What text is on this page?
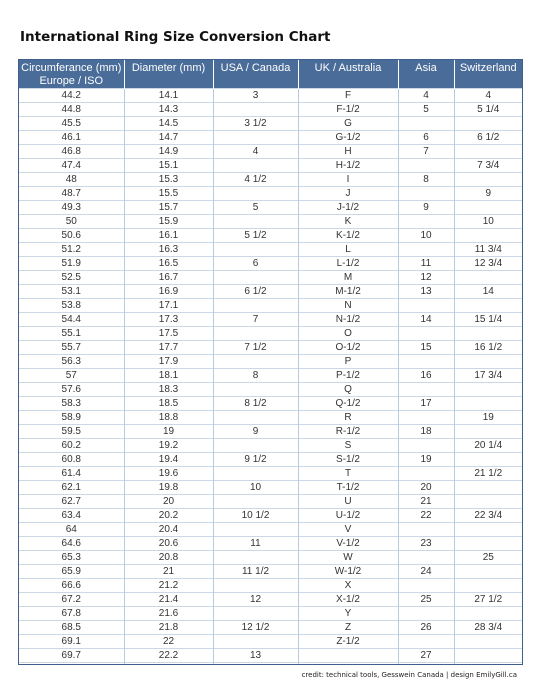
International Ring Size Conversion Chart
Circumferance (mm)
Europe / ISO	Diameter (mm)	USA / Canada	UK / Australia	Asia	Switzerland

44.2	14.1	3	F	4	4
44.8	14.3		F-1/2	5	5 1/4
45.5	14.5	3 1/2	G		
46.1	14.7		G-1/2	6	6 1/2
46.8	14.9	4	H	7	
47.4	15.1		H-1/2		7 3/4
48	15.3	4 1/2	I	8	
48.7	15.5		J		9
49.3	15.7	5	J-1/2	9	
50	15.9		K		10
50.6	16.1	5 1/2	K-1/2	10	
51.2	16.3		L		11 3/4
51.9	16.5	6	L-1/2	11	12 3/4
52.5	16.7		M	12	
53.1	16.9	6 1/2	M-1/2	13	14
53.8	17.1		N		
54.4	17.3	7	N-1/2	14	15 1/4
55.1	17.5		O		
55.7	17.7	7 1/2	O-1/2	15	16 1/2
56.3	17.9		P		
57	18.1	8	P-1/2	16	17 3/4
57.6	18.3		Q		
58.3	18.5	8 1/2	Q-1/2	17	
58.9	18.8		R		19
59.5	19	9	R-1/2	18	
60.2	19.2		S		20 1/4
60.8	19.4	9 1/2	S-1/2	19	
61.4	19.6		T		21 1/2
62.1	19.8	10	T-1/2	20	
62.7	20		U	21	
63.4	20.2	10 1/2	U-1/2	22	22 3/4
64	20.4		V		
64.6	20.6	11	V-1/2	23	
65.3	20.8		W		25
65.9	21	11 1/2	W-1/2	24	
66.6	21.2		X		
67.2	21.4	12	X-1/2	25	27 1/2
67.8	21.6		Y		
68.5	21.8	12 1/2	Z	26	28 3/4
69.1	22		Z-1/2		
69.7	22.2	13		27	

credit: technical tools, Gesswein Canada | design EmilyGill.ca
